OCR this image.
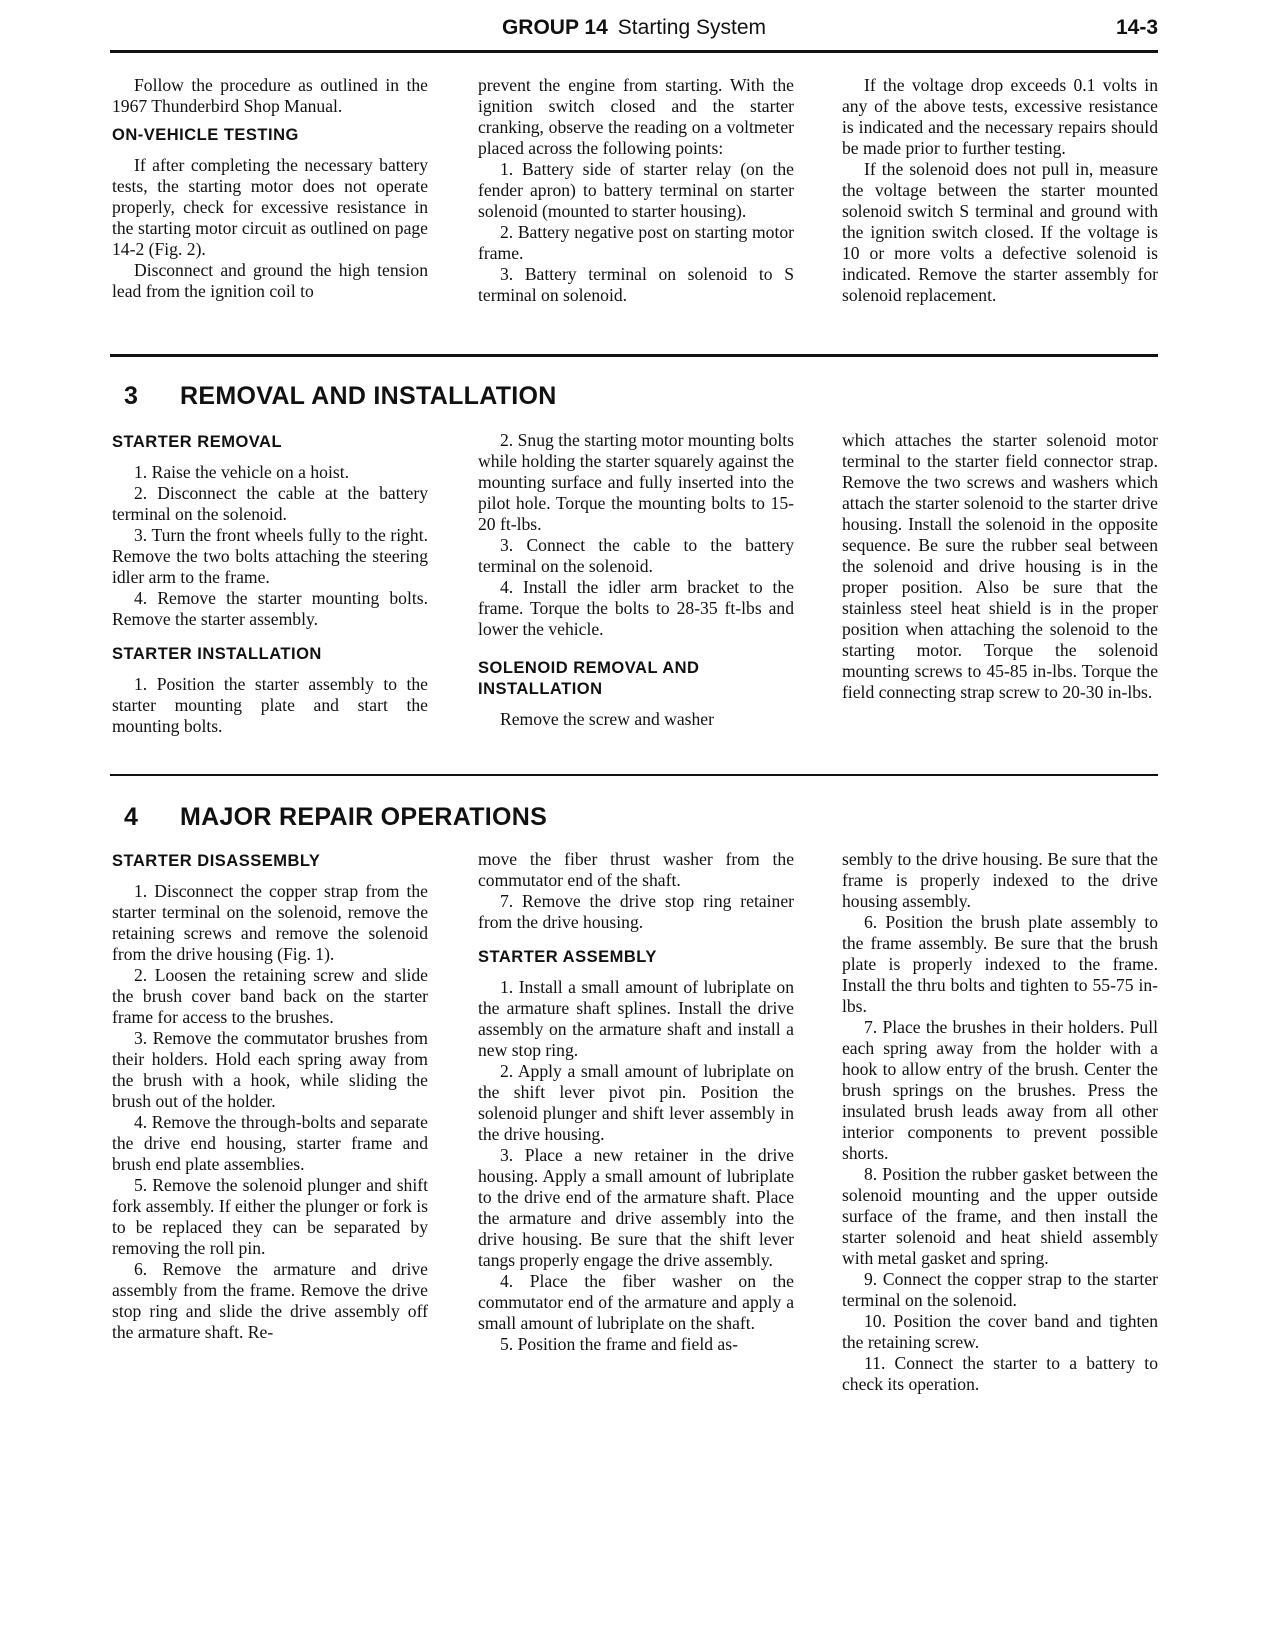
GROUP 14 Starting System	14-3

Follow the procedure as outlined in the 1967 Thunderbird Shop Manual.

ON-VEHICLE TESTING

If after completing the necessary battery tests, the starting motor does not operate properly, check for excessive resistance in the starting motor circuit as outlined on page 14-2 (Fig. 2).

Disconnect and ground the high tension lead from the ignition coil to

prevent the engine from starting. With the ignition switch closed and the starter cranking, observe the reading on a voltmeter placed across the following points:

1. Battery side of starter relay (on the fender apron) to battery terminal on starter solenoid (mounted to starter housing).

2. Battery negative post on starting motor frame.

3. Battery terminal on solenoid to S terminal on solenoid.

If the voltage drop exceeds 0.1 volts in any of the above tests, excessive resistance is indicated and the necessary repairs should be made prior to further testing.

If the solenoid does not pull in, measure the voltage between the starter mounted solenoid switch S terminal and ground with the ignition switch closed. If the voltage is 10 or more volts a defective solenoid is indicated. Remove the starter assembly for solenoid replacement.

3 REMOVAL AND INSTALLATION
STARTER REMOVAL

1. Raise the vehicle on a hoist.

2. Disconnect the cable at the battery terminal on the solenoid.

3. Turn the front wheels fully to the right. Remove the two bolts attaching the steering idler arm to the frame.

4. Remove the starter mounting bolts. Remove the starter assembly.

STARTER INSTALLATION

1. Position the starter assembly to the starter mounting plate and start the mounting bolts.

2. Snug the starting motor mounting bolts while holding the starter squarely against the mounting surface and fully inserted into the pilot hole. Torque the mounting bolts to 15-20 ft-lbs.

3. Connect the cable to the battery terminal on the solenoid.

4. Install the idler arm bracket to the frame. Torque the bolts to 28-35 ft-lbs and lower the vehicle.

SOLENOID REMOVAL AND INSTALLATION

Remove the screw and washer

which attaches the starter solenoid motor terminal to the starter field connector strap. Remove the two screws and washers which attach the starter solenoid to the starter drive housing. Install the solenoid in the opposite sequence. Be sure the rubber seal between the solenoid and drive housing is in the proper position. Also be sure that the stainless steel heat shield is in the proper position when attaching the solenoid to the starting motor. Torque the solenoid mounting screws to 45-85 in-lbs. Torque the field connecting strap screw to 20-30 in-lbs.

4 MAJOR REPAIR OPERATIONS
STARTER DISASSEMBLY

1. Disconnect the copper strap from the starter terminal on the solenoid, remove the retaining screws and remove the solenoid from the drive housing (Fig. 1).

2. Loosen the retaining screw and slide the brush cover band back on the starter frame for access to the brushes.

3. Remove the commutator brushes from their holders. Hold each spring away from the brush with a hook, while sliding the brush out of the holder.

4. Remove the through-bolts and separate the drive end housing, starter frame and brush end plate assemblies.

5. Remove the solenoid plunger and shift fork assembly. If either the plunger or fork is to be replaced they can be separated by removing the roll pin.

6. Remove the armature and drive assembly from the frame. Remove the drive stop ring and slide the drive assembly off the armature shaft. Re-

move the fiber thrust washer from the commutator end of the shaft.

7. Remove the drive stop ring retainer from the drive housing.

STARTER ASSEMBLY

1. Install a small amount of lubriplate on the armature shaft splines. Install the drive assembly on the armature shaft and install a new stop ring.

2. Apply a small amount of lubriplate on the shift lever pivot pin. Position the solenoid plunger and shift lever assembly in the drive housing.

3. Place a new retainer in the drive housing. Apply a small amount of lubriplate to the drive end of the armature shaft. Place the armature and drive assembly into the drive housing. Be sure that the shift lever tangs properly engage the drive assembly.

4. Place the fiber washer on the commutator end of the armature and apply a small amount of lubriplate on the shaft.

5. Position the frame and field as-

sembly to the drive housing. Be sure that the frame is properly indexed to the drive housing assembly.

6. Position the brush plate assembly to the frame assembly. Be sure that the brush plate is properly indexed to the frame. Install the thru bolts and tighten to 55-75 in-lbs.

7. Place the brushes in their holders. Pull each spring away from the holder with a hook to allow entry of the brush. Center the brush springs on the brushes. Press the insulated brush leads away from all other interior components to prevent possible shorts.

8. Position the rubber gasket between the solenoid mounting and the upper outside surface of the frame, and then install the starter solenoid and heat shield assembly with metal gasket and spring.

9. Connect the copper strap to the starter terminal on the solenoid.

10. Position the cover band and tighten the retaining screw.

11. Connect the starter to a battery to check its operation.
